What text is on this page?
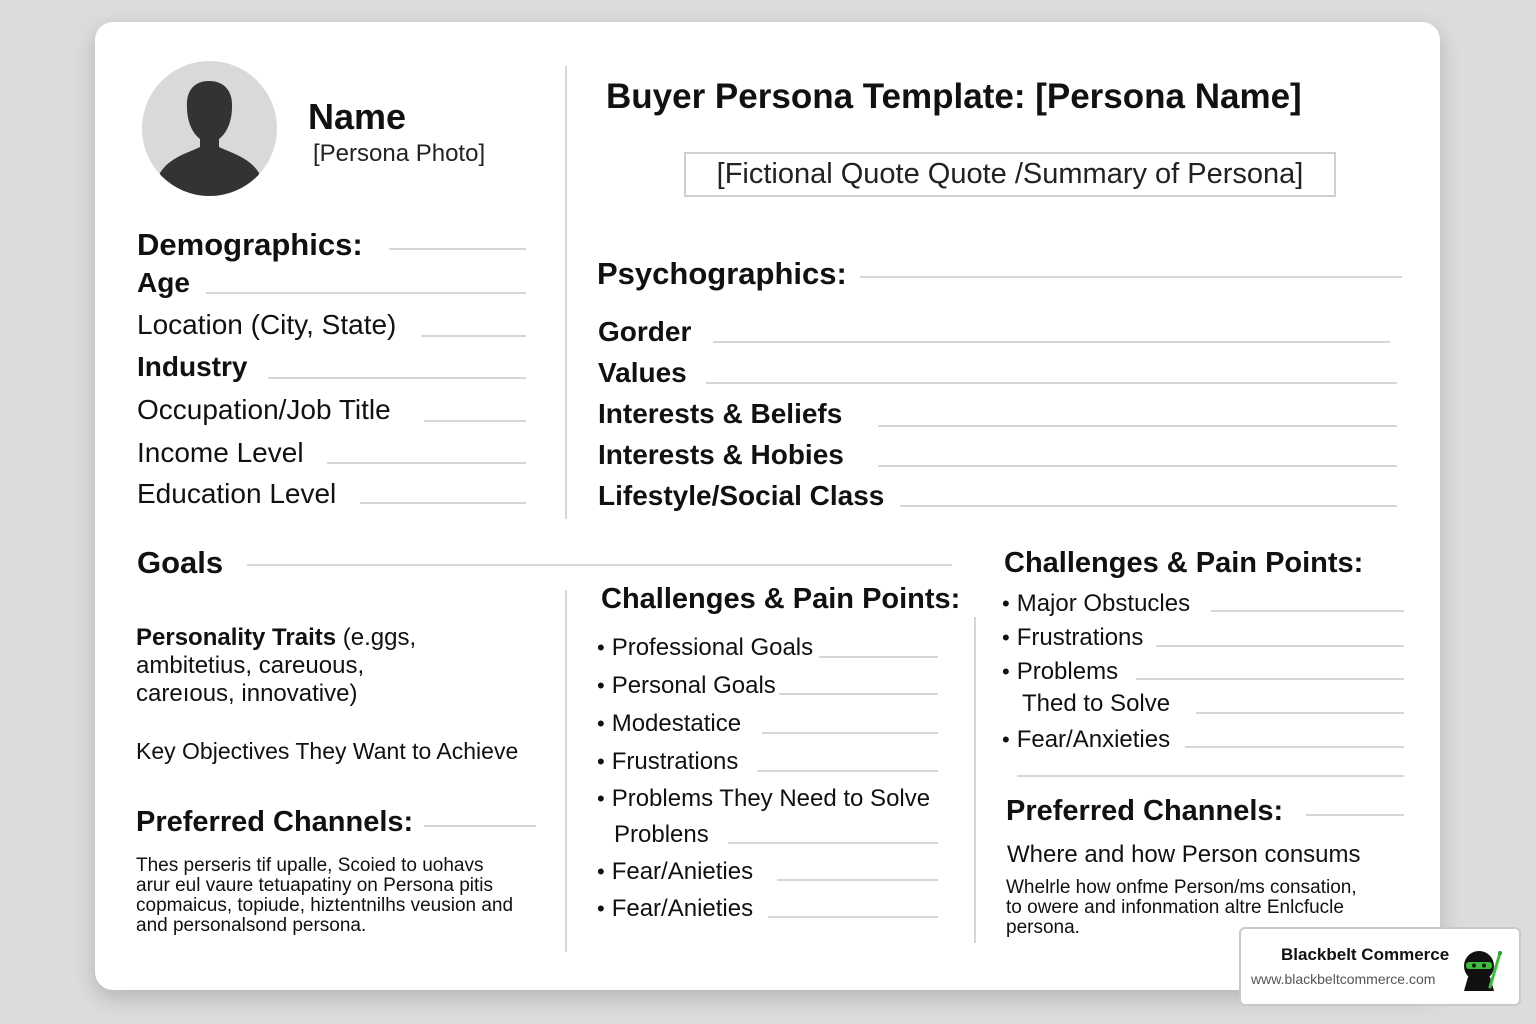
Name
[Persona Photo]
Buyer Persona Template: [Persona Name]
[Fictional Quote Quote /Summary of Persona]
Demographics:
Age
Location (City, State)
Industry
Occupation/Job Title
Income Level
Education Level
Psychographics:
Gorder
Values
Interests & Beliefs
Interests & Hobies
Lifestyle/Social Class
Goals
Personality Traits (e.ggs,
ambitetius, careuous,
careıous, innovative)
Key Objectives They Want to Achieve
Preferred Channels:
Thes perseris tif upalle, Scoied to uohavs
arur eul vaure tetuapatiny on Persona pitis
copmaicus, topiude, hiztentnilhs veusion and
and personalsond persona.
Challenges & Pain Points:
• Professional Goals
• Personal Goals
• Modestatice
• Frustrations
• Problems They Need to Solve
Problens
• Fear/Anieties
• Fear/Anieties
Challenges & Pain Points:
• Major Obstucles
• Frustrations
• Problems
Thed to Solve
• Fear/Anxieties
Preferred Channels:
Where and how Person consums
Whelrle how onfme Person/ms consation,
to owere and infonmation altre Enlcfucle
persona.
Blackbelt Commerce
www.blackbeltcommerce.com
